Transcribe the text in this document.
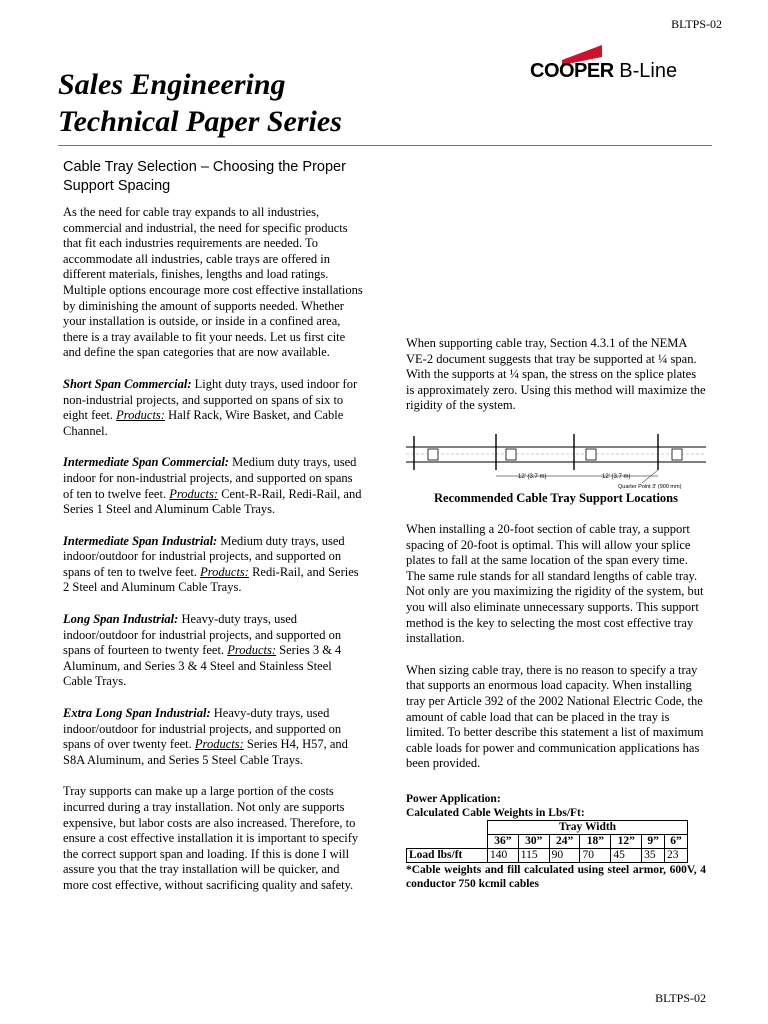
BLTPS-02
Sales Engineering
Technical Paper Series
COOPER B-Line
Cable Tray Selection – Choosing the Proper Support Spacing

As the need for cable tray expands to all industries, commercial and industrial, the need for specific products that fit each industries requirements are needed. To accommodate all industries, cable trays are offered in different materials, finishes, lengths and load ratings. Multiple options encourage more cost effective installations by diminishing the amount of supports needed. Whether your installation is outside, or inside in a confined area, there is a tray available to fit your needs. Let us first cite and define the span categories that are now available.

Short Span Commercial: Light duty trays, used indoor for non-industrial projects, and supported on spans of six to eight feet. Products: Half Rack, Wire Basket, and Cable Channel.

Intermediate Span Commercial: Medium duty trays, used indoor for non-industrial projects, and supported on spans of ten to twelve feet. Products: Cent-R-Rail, Redi-Rail, and Series 1 Steel and Aluminum Cable Trays.

Intermediate Span Industrial: Medium duty trays, used indoor/outdoor for industrial projects, and supported on spans of ten to twelve feet. Products: Redi-Rail, and Series 2 Steel and Aluminum Cable Trays.

Long Span Industrial: Heavy-duty trays, used indoor/outdoor for industrial projects, and supported on spans of fourteen to twenty feet. Products: Series 3 & 4 Aluminum, and Series 3 & 4 Steel and Stainless Steel Cable Trays.

Extra Long Span Industrial: Heavy-duty trays, used indoor/outdoor for industrial projects, and supported on spans of over twenty feet. Products: Series H4, H57, and S8A Aluminum, and Series 5 Steel Cable Trays.

Tray supports can make up a large portion of the costs incurred during a tray installation. Not only are supports expensive, but labor costs are also increased. Therefore, to ensure a cost effective installation it is important to specify the correct support span and loading. If this is done I will assure you that the tray installation will be quicker, and more cost effective, without sacrificing quality and safety.

When supporting cable tray, Section 4.3.1 of the NEMA VE-2 document suggests that tray be supported at ¼ span. With the supports at ¼ span, the stress on the splice plates is approximately zero. Using this method will maximize the rigidity of the system.

12' (3.7 m)	12' (3.7 m)
Quarter Point 3' (900 mm)
Recommended Cable Tray Support Locations

When installing a 20-foot section of cable tray, a support spacing of 20-foot is optimal. This will allow your splice plates to fall at the same location of the span every time. The same rule stands for all standard lengths of cable tray. Not only are you maximizing the rigidity of the system, but you will also eliminate unnecessary supports. This support method is the key to selecting the most cost effective tray installation.

When sizing cable tray, there is no reason to specify a tray that supports an enormous load capacity. When installing tray per Article 392 of the 2002 National Electric Code, the amount of cable load that can be placed in the tray is limited. To better describe this statement a list of maximum cable loads for power and communication applications has been provided.

Power Application:
Calculated Cable Weights in Lbs/Ft:
	Tray Width						
	36”	30”	24”	18”	12”	9”	6”
Load lbs/ft	140	115	90	70	45	35	23
*Cable weights and fill calculated using steel armor, 600V, 4 conductor 750 kcmil cables
BLTPS-02
